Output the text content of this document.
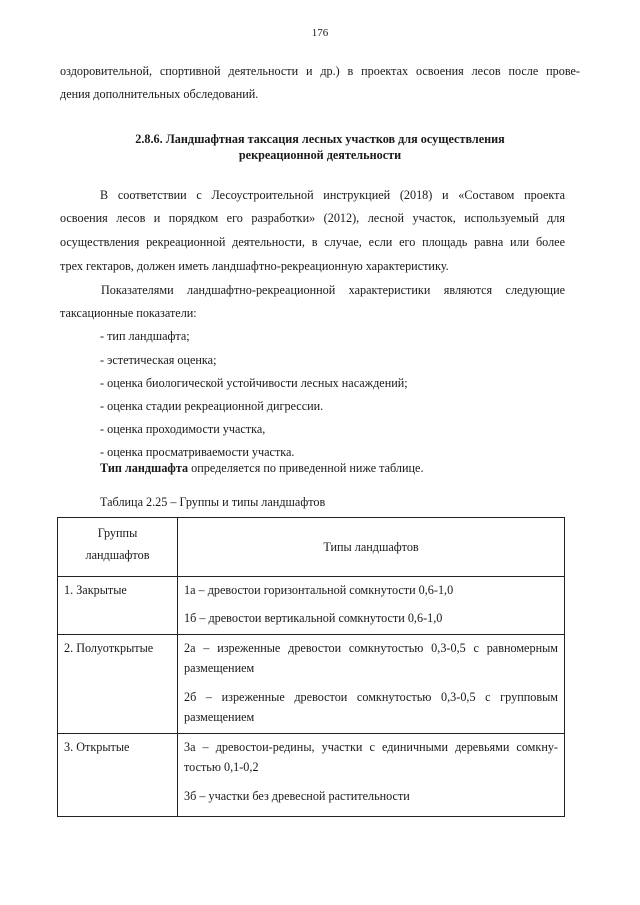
176
оздоровительной, спортивной деятельности и др.) в проектах освоения лесов после прове-
дения дополнительных обследований.
2.8.6. Ландшафтная таксация лесных участков для осуществления
рекреационной деятельности
В соответствии с Лесоустроительной инструкцией (2018) и «Составом проекта
освоения лесов и порядком его разработки» (2012), лесной участок, используемый для
осуществления рекреационной деятельности, в случае, если его площадь равна или более
трех гектаров, должен иметь ландшафтно-рекреационную характеристику.
Показателями ландшафтно-рекреационной характеристики являются следующие
таксационные показатели:
- тип ландшафта;
- эстетическая оценка;
- оценка биологической устойчивости лесных насаждений;
- оценка стадии рекреационной дигрессии.
- оценка проходимости участка,
- оценка просматриваемости участка.
Тип ландшафта определяется по приведенной ниже таблице.
Таблица 2.25 – Группы и типы ландшафтов
Группы
ландшафтов	Типы ландшафтов
1. Закрытые	1а – древостои горизонтальной сомкнутости 0,6-1,0
1б – древостои вертикальной сомкнутости 0,6-1,0

2. Полуоткрытые	2а – изреженные древостои сомкнутостью 0,3-0,5 с равномерным
размещением
2б – изреженные древостои сомкнутостью 0,3-0,5 с групповым
размещением

3. Открытые	3а – древостои-редины, участки с единичными деревьями сомкну-
тостью 0,1-0,2
3б – участки без древесной растительности
